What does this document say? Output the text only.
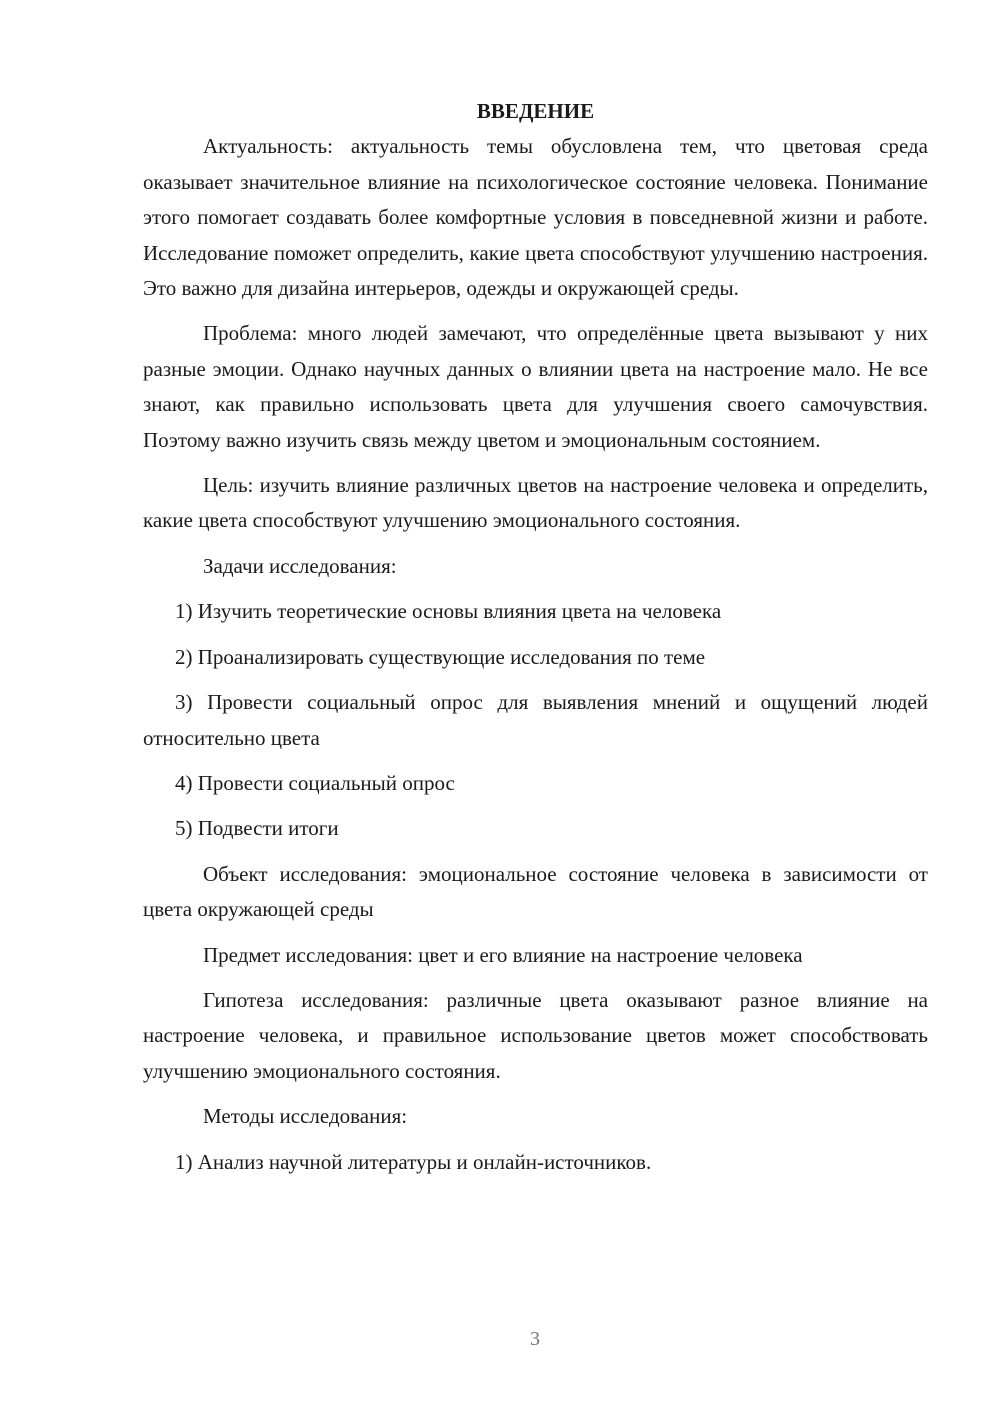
ВВЕДЕНИЕ

Актуальность: актуальность темы обусловлена тем, что цветовая среда оказывает значительное влияние на психологическое состояние человека. Понимание этого помогает создавать более комфортные условия в повседневной жизни и работе. Исследование поможет определить, какие цвета способствуют улучшению настроения. Это важно для дизайна интерьеров, одежды и окружающей среды.

Проблема: много людей замечают, что определённые цвета вызывают у них разные эмоции. Однако научных данных о влиянии цвета на настроение мало. Не все знают, как правильно использовать цвета для улучшения своего самочувствия. Поэтому важно изучить связь между цветом и эмоциональным состоянием.

Цель: изучить влияние различных цветов на настроение человека и определить, какие цвета способствуют улучшению эмоционального состояния.

Задачи исследования:

1) Изучить теоретические основы влияния цвета на человека

2) Проанализировать существующие исследования по теме

3) Провести социальный опрос для выявления мнений и ощущений людей относительно цвета

4) Провести социальный опрос

5) Подвести итоги

Объект исследования: эмоциональное состояние человека в зависимости от цвета окружающей среды

Предмет исследования: цвет и его влияние на настроение человека

Гипотеза исследования: различные цвета оказывают разное влияние на настроение человека, и правильное использование цветов может способствовать улучшению эмоционального состояния.

Методы исследования:

1) Анализ научной литературы и онлайн-источников.

3
